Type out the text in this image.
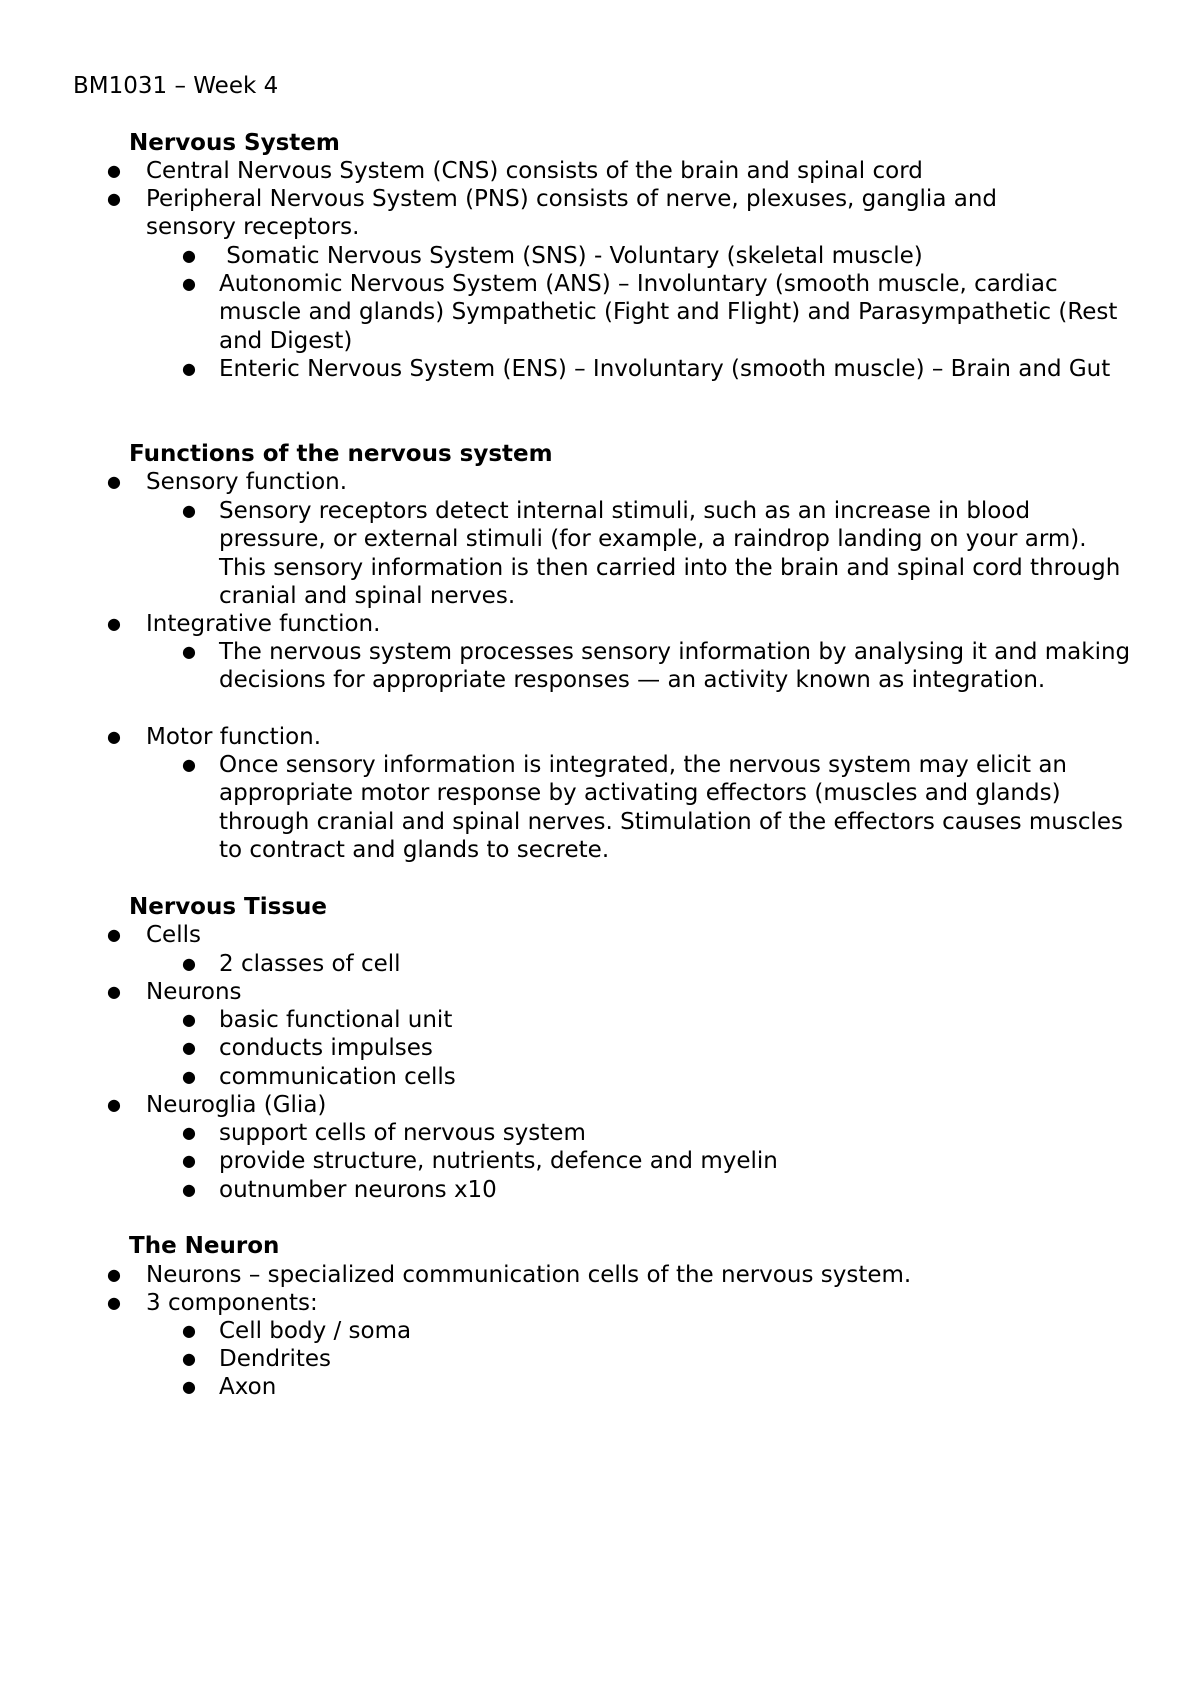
BM1031 – Week 4
Nervous System
● Central Nervous System (CNS) consists of the brain and spinal cord
● Peripheral Nervous System (PNS) consists of nerve, plexuses, ganglia and sensory receptors.
● Somatic Nervous System (SNS) - Voluntary (skeletal muscle)
● Autonomic Nervous System (ANS) – Involuntary (smooth muscle, cardiac muscle and glands) Sympathetic (Fight and Flight) and Parasympathetic (Rest and Digest)
● Enteric Nervous System (ENS) – Involuntary (smooth muscle) – Brain and Gut
Functions of the nervous system
● Sensory function.
● Sensory receptors detect internal stimuli, such as an increase in blood pressure, or external stimuli (for example, a raindrop landing on your arm). This sensory information is then carried into the brain and spinal cord through cranial and spinal nerves.
● Integrative function.
● The nervous system processes sensory information by analysing it and making decisions for appropriate responses — an activity known as integration.
● Motor function.
● Once sensory information is integrated, the nervous system may elicit an appropriate motor response by activating effectors (muscles and glands) through cranial and spinal nerves. Stimulation of the effectors causes muscles to contract and glands to secrete.
Nervous Tissue
● Cells
● 2 classes of cell
● Neurons
● basic functional unit
● conducts impulses
● communication cells
● Neuroglia (Glia)
● support cells of nervous system
● provide structure, nutrients, defence and myelin
● outnumber neurons x10
The Neuron
● Neurons – specialized communication cells of the nervous system.
● 3 components:
● Cell body / soma
● Dendrites
● Axon
